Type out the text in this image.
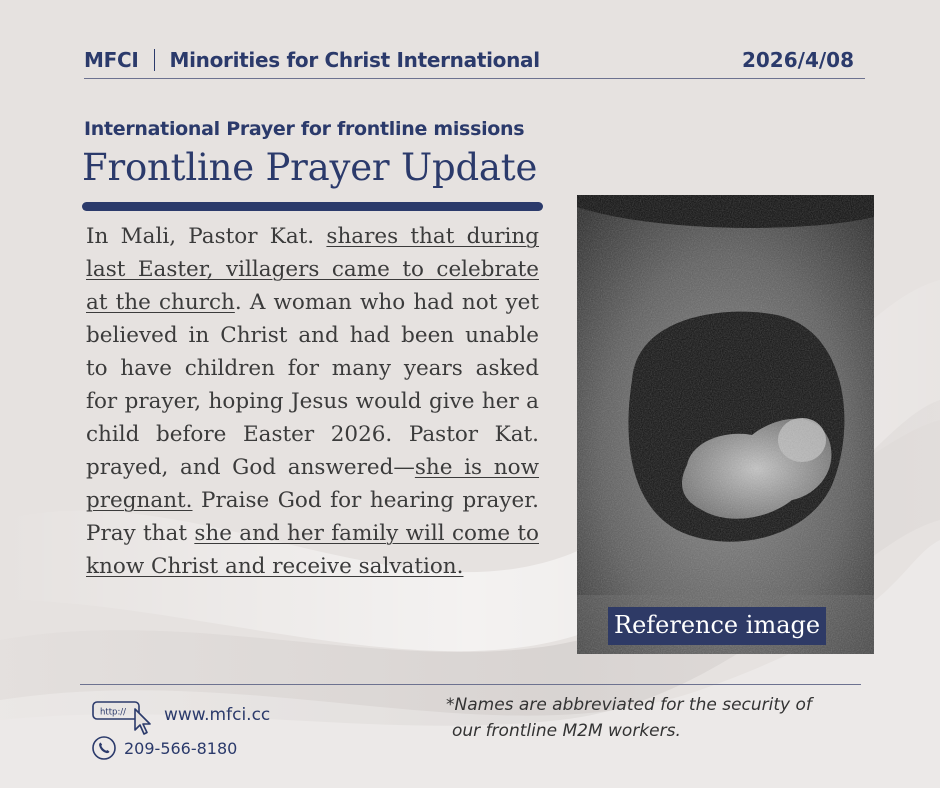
MFCI Minorities for Christ International	2026/4/08
International Prayer for frontline missions
Frontline Prayer Update
In Mali, Pastor Kat. shares that during last Easter, villagers came to celebrate at the church. A woman who had not yet believed in Christ and had been unable to have children for many years asked for prayer, hoping Jesus would give her a child before Easter 2026. Pastor Kat. prayed, and God answered—she is now pregnant. Praise God for hearing prayer. Pray that she and her family will come to know Christ and receive salvation.
Reference image
http:// www.mfci.cc
209-566-8180
*Names are abbreviated for the security of
our frontline M2M workers.
